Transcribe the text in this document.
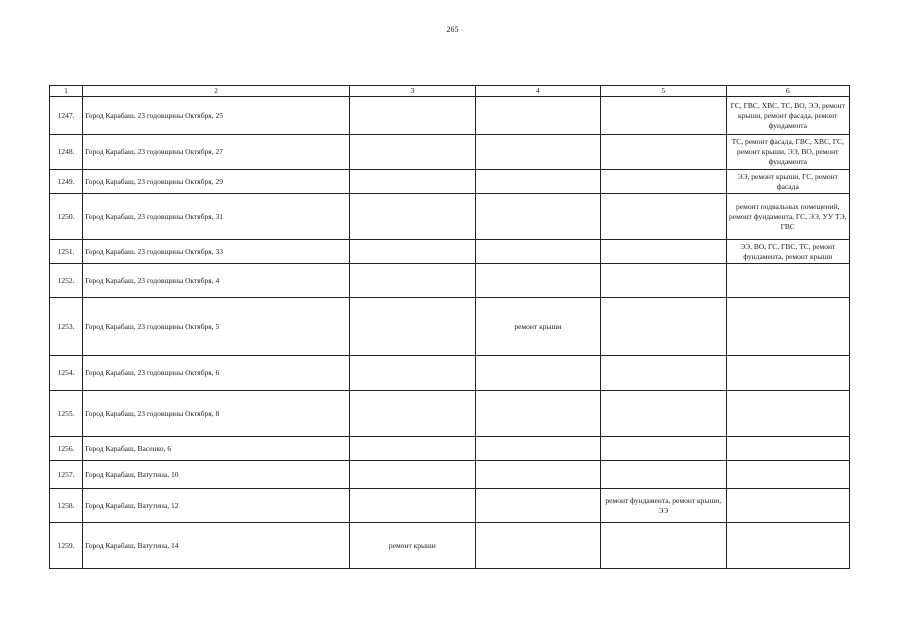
265
1	2	3	4	5	6
1247.	Город Карабаш, 23 годовщины Октября, 25				ГС, ГВС, ХВС, ТС, ВО, ЭЭ, ремонт крыши, ремонт фасада, ремонт фундамента
1248.	Город Карабаш, 23 годовщины Октября, 27				ТС, ремонт фасада, ГВС, ХВС, ГС, ремонт крыши, ЭЭ, ВО, ремонт фундамента
1249.	Город Карабаш, 23 годовщины Октября, 29				ЭЭ, ремонт крыши, ГС, ремонт фасада
1250.	Город Карабаш, 23 годовщины Октября, 31				ремонт подвальных помещений, ремонт фундамента, ГС, ЭЭ, УУ ТЭ, ГВС
1251.	Город Карабаш, 23 годовщины Октября, 33				ЭЭ, ВО, ГС, ГВС, ТС, ремонт фундамента, ремонт крыши
1252.	Город Карабаш, 23 годовщины Октября, 4				
1253.	Город Карабаш, 23 годовщины Октября, 5		ремонт крыши		
1254.	Город Карабаш, 23 годовщины Октября, 6				
1255.	Город Карабаш, 23 годовщины Октября, 8				
1256.	Город Карабаш, Васенко, 6				
1257.	Город Карабаш, Ватутина, 10				
1258.	Город Карабаш, Ватутина, 12			ремонт фундамента, ремонт крыши, ЭЭ	
1259.	Город Карабаш, Ватутина, 14	ремонт крыши			
